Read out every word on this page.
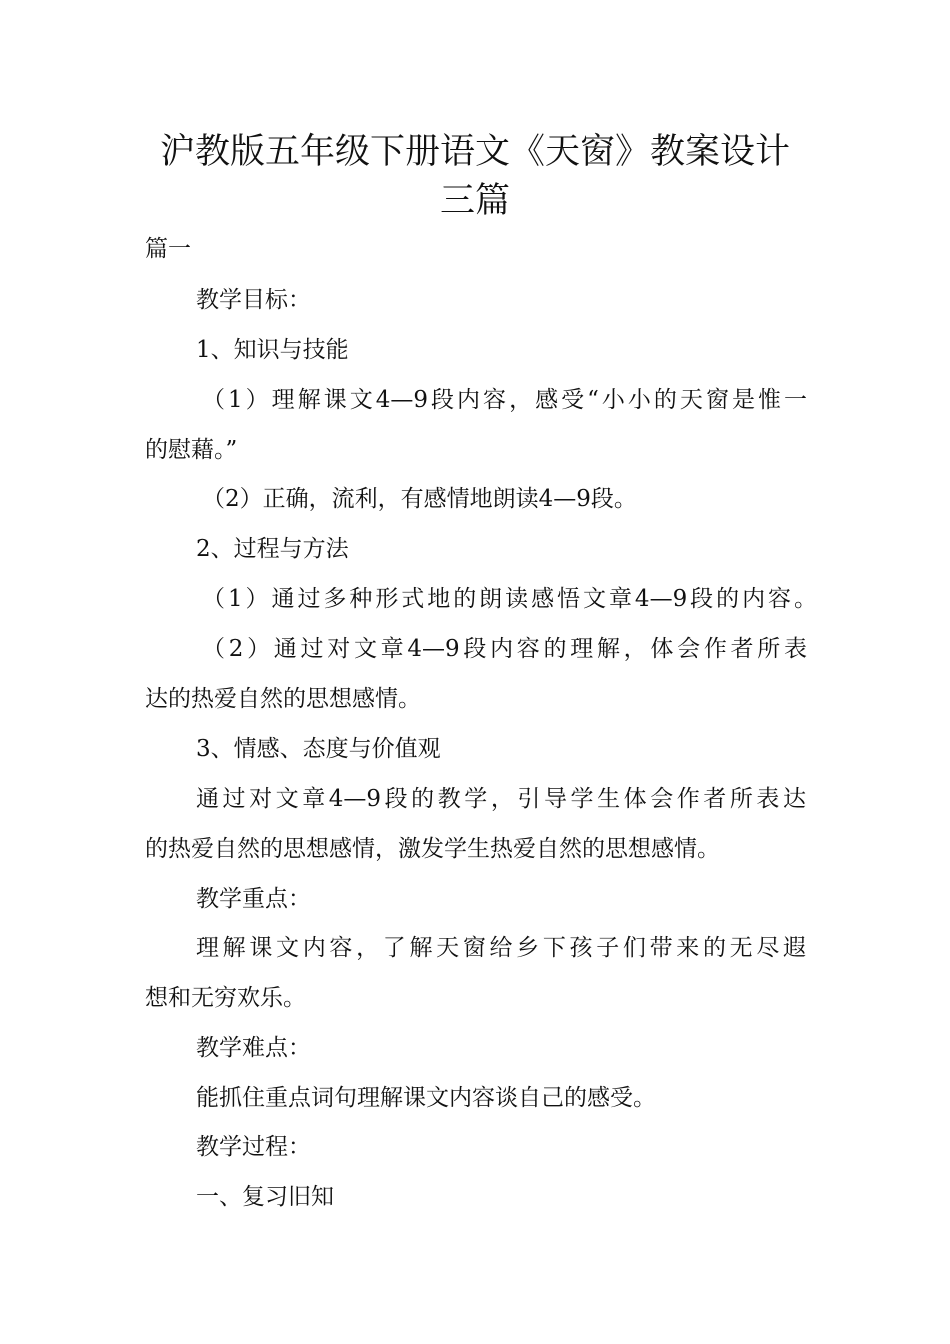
沪教版五年级下册语文《天窗》教案设计
三篇
篇一
教学目标：
1、知识与技能
（1）理解课文4—9段内容，感受“小小的天窗是惟一
的慰藉。”
（2）正确，流利，有感情地朗读4—9段。
2、过程与方法
（1）通过多种形式地的朗读感悟文章4—9段的内容。
（2）通过对文章4—9段内容的理解，体会作者所表
达的热爱自然的思想感情。
3、情感、态度与价值观
通过对文章4—9段的教学，引导学生体会作者所表达
的热爱自然的思想感情，激发学生热爱自然的思想感情。
教学重点：
理解课文内容，了解天窗给乡下孩子们带来的无尽遐
想和无穷欢乐。
教学难点：
能抓住重点词句理解课文内容谈自己的感受。
教学过程：
一、复习旧知
